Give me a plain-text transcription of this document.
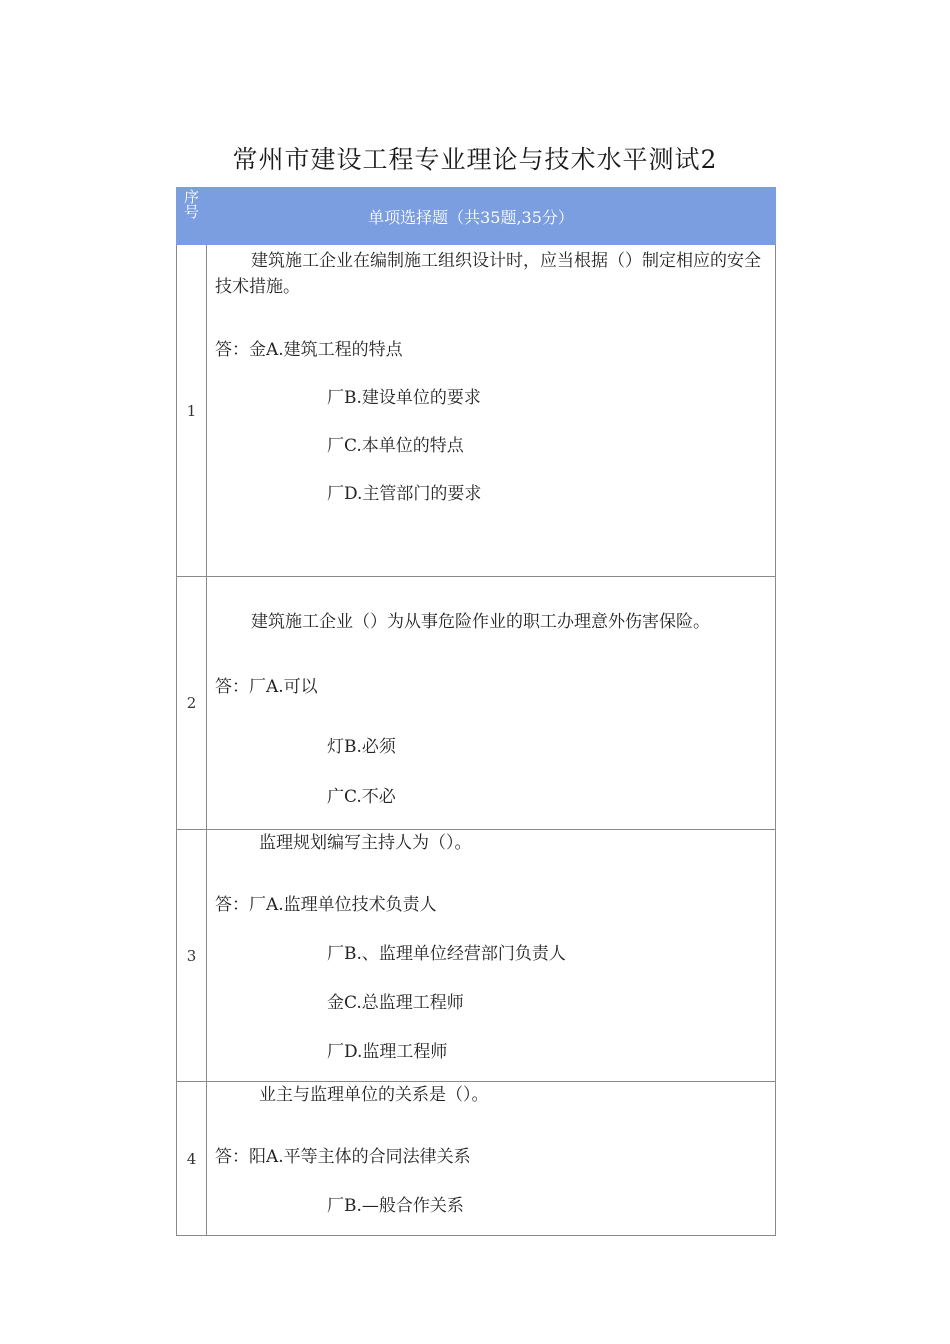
常州市建设工程专业理论与技术水平测试2
序
号	单项选择题（共35题,35分）
1	建筑施工企业在编制施工组织设计时，应当根据（）制定相应的安全技术措施。
答：金A.建筑工程的特点
厂B.建设单位的要求
厂C.本单位的特点
厂D.主管部门的要求

2	建筑施工企业（）为从事危险作业的职工办理意外伤害保险。
答：厂A.可以
灯B.必须
广C.不必

3	监理规划编写主持人为（）。
答：厂A.监理单位技术负责人
厂B.、监理单位经营部门负责人
金C.总监理工程师
厂D.监理工程师

4	业主与监理单位的关系是（）。
答：阳A.平等主体的合同法律关系
厂B.—般合作关系
